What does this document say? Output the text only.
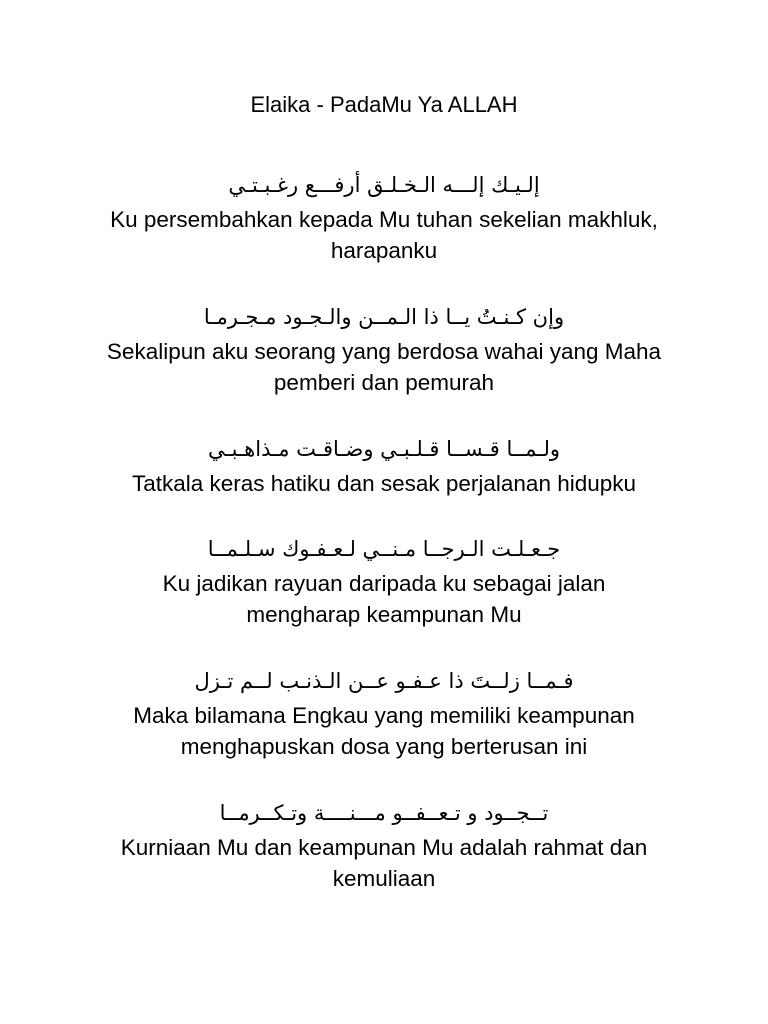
Elaika - PadaMu Ya ALLAH
إلـيـك إلـــه الـخـلـق أرفـــع رغـبـتـي
Ku persembahkan kepada Mu tuhan sekelian makhluk, harapanku
وإن كـنـتُ يــا ذا الـمــن والـجـود مـجـرمـا
Sekalipun aku seorang yang berdosa wahai yang Maha pemberi dan pemurah
ولـمــا قـســا قـلـبـي وضـاقـت مـذاهـبـي
Tatkala keras hatiku dan sesak perjalanan hidupku
جـعـلـت الـرجــا مـنــي لـعـفـوك سـلـمــا
Ku jadikan rayuan daripada ku sebagai jalan mengharap keampunan Mu
فـمــا زلــتَ ذا عـفـو عــن الـذنـب لــم تـزل
Maka bilamana Engkau yang memiliki keampunan menghapuskan dosa yang berterusan ini
تــجــود و تـعــفــو مـــنــــة وتـكــرمــا
Kurniaan Mu dan keampunan Mu adalah rahmat dan kemuliaan
